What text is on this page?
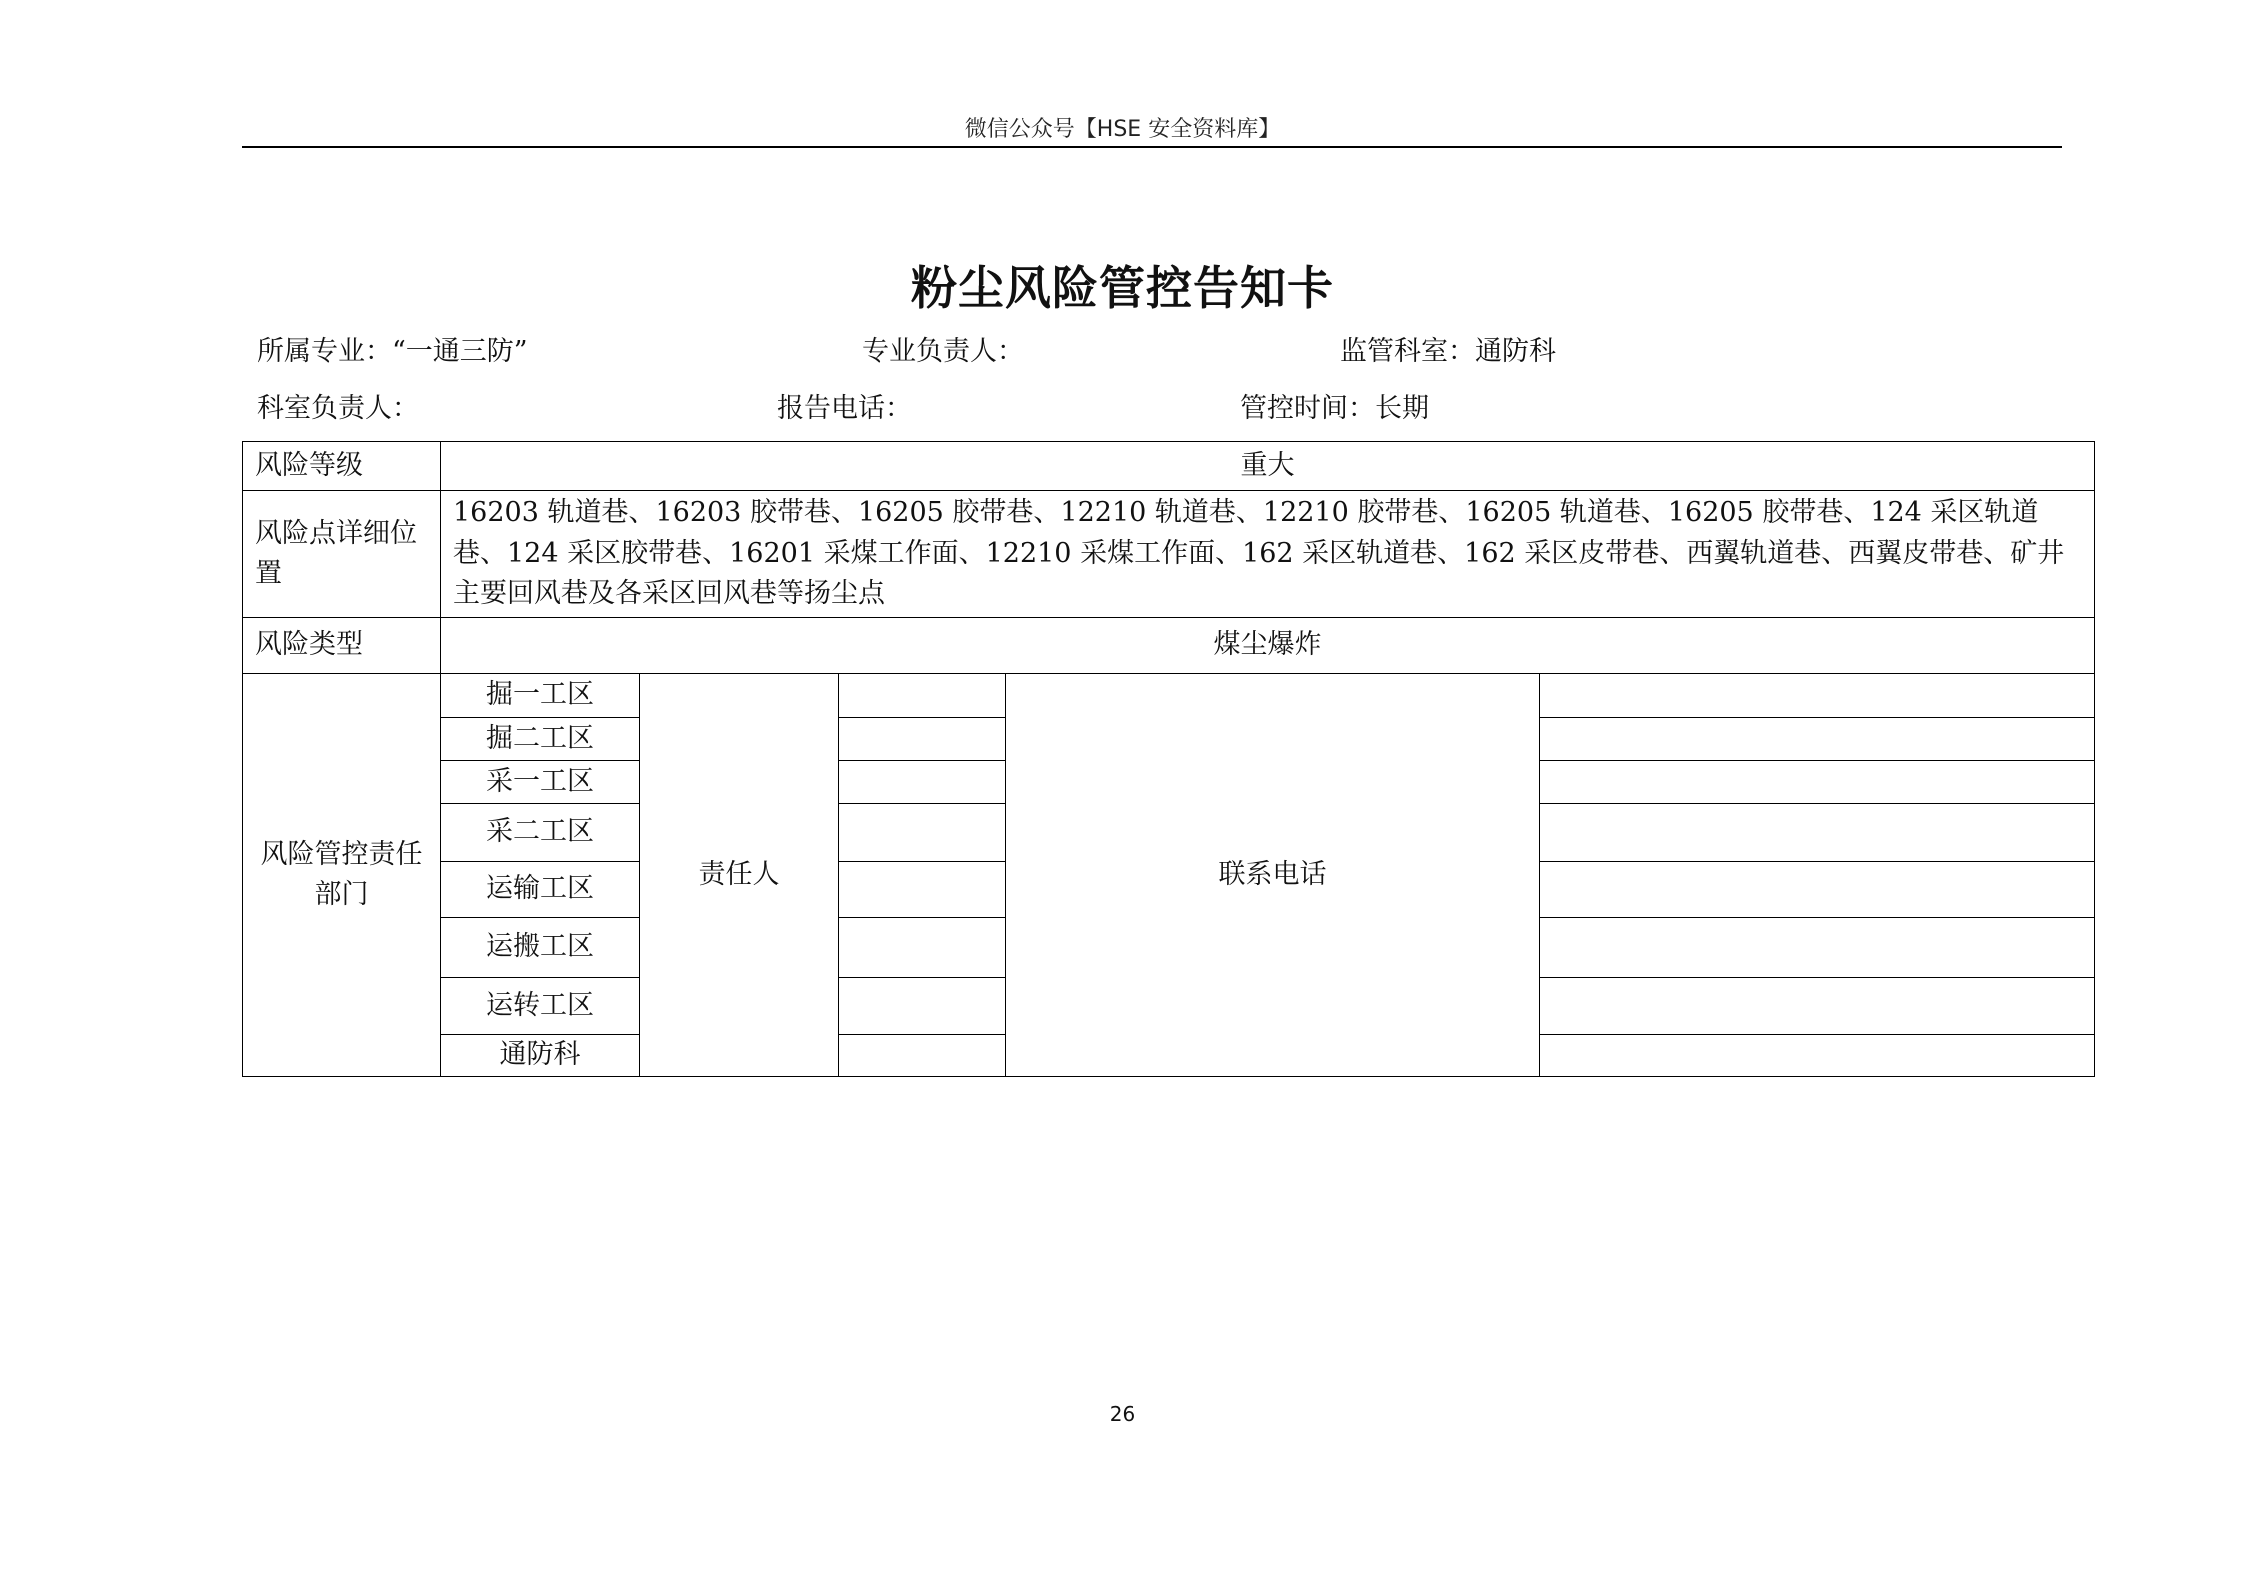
微信公众号【HSE 安全资料库】
粉尘风险管控告知卡
所属专业：“一通三防”	专业负责人：	监管科室：通防科
科室负责人：	报告电话：	管控时间：长期
风险等级	重大				
风险点详细位置	16203 轨道巷、16203 胶带巷、16205 胶带巷、12210 轨道巷、12210 胶带巷、16205 轨道巷、16205 胶带巷、124 采区轨道巷、124 采区胶带巷、16201 采煤工作面、12210 采煤工作面、162 采区轨道巷、162 采区皮带巷、西翼轨道巷、西翼皮带巷、矿井主要回风巷及各采区回风巷等扬尘点				
风险类型	煤尘爆炸				
风险管控责任部门	掘一工区	责任人		联系电话	
	掘二工区				
	采一工区				
	采二工区				
	运输工区				
	运搬工区				
	运转工区				
	通防科				
26
